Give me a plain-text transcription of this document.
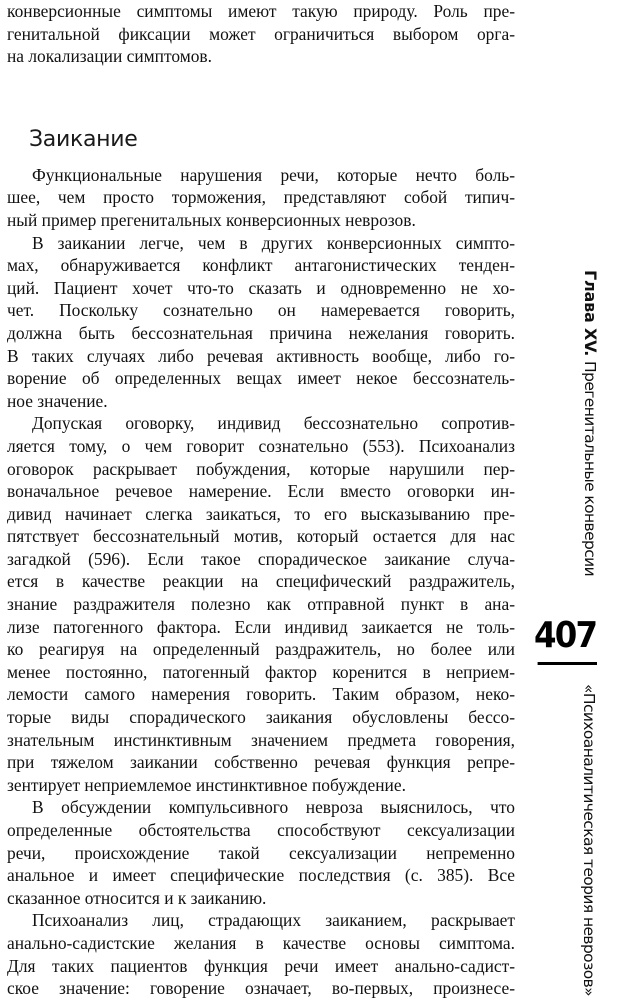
конверсионные симптомы имеют такую природу. Роль пре-
генитальной фиксации может ограничиться выбором орга-
на локализации симптомов.
Заикание
Функциональные нарушения речи, которые нечто боль-
шее, чем просто торможения, представляют собой типич-
ный пример прегенитальных конверсионных неврозов.
В заикании легче, чем в других конверсионных симпто-
мах, обнаруживается конфликт антагонистических тенден-
ций. Пациент хочет что-то сказать и одновременно не хо-
чет. Поскольку сознательно он намеревается говорить,
должна быть бессознательная причина нежелания говорить.
В таких случаях либо речевая активность вообще, либо го-
ворение об определенных вещах имеет некое бессознатель-
ное значение.
Допуская оговорку, индивид бессознательно сопротив-
ляется тому, о чем говорит сознательно (553). Психоанализ
оговорок раскрывает побуждения, которые нарушили пер-
воначальное речевое намерение. Если вместо оговорки ин-
дивид начинает слегка заикаться, то его высказыванию пре-
пятствует бессознательный мотив, который остается для нас
загадкой (596). Если такое спорадическое заикание случа-
ется в качестве реакции на специфический раздражитель,
знание раздражителя полезно как отправной пункт в ана-
лизе патогенного фактора. Если индивид заикается не толь-
ко реагируя на определенный раздражитель, но более или
менее постоянно, патогенный фактор коренится в неприем-
лемости самого намерения говорить. Таким образом, неко-
торые виды спорадического заикания обусловлены бессо-
знательным инстинктивным значением предмета говорения,
при тяжелом заикании собственно речевая функция репре-
зентирует неприемлемое инстинктивное побуждение.
В обсуждении компульсивного невроза выяснилось, что
определенные обстоятельства способствуют сексуализации
речи, происхождение такой сексуализации непременно
анальное и имеет специфические последствия (с. 385). Все
сказанное относится и к заиканию.
Психоанализ лиц, страдающих заиканием, раскрывает
анально-садистские желания в качестве основы симптома.
Для таких пациентов функция речи имеет анально-садист-
ское значение: говорение означает, во-первых, произнесе-
Глава XV. Прегенитальные конверсии
407
«Психоаналитическая теория неврозов»
